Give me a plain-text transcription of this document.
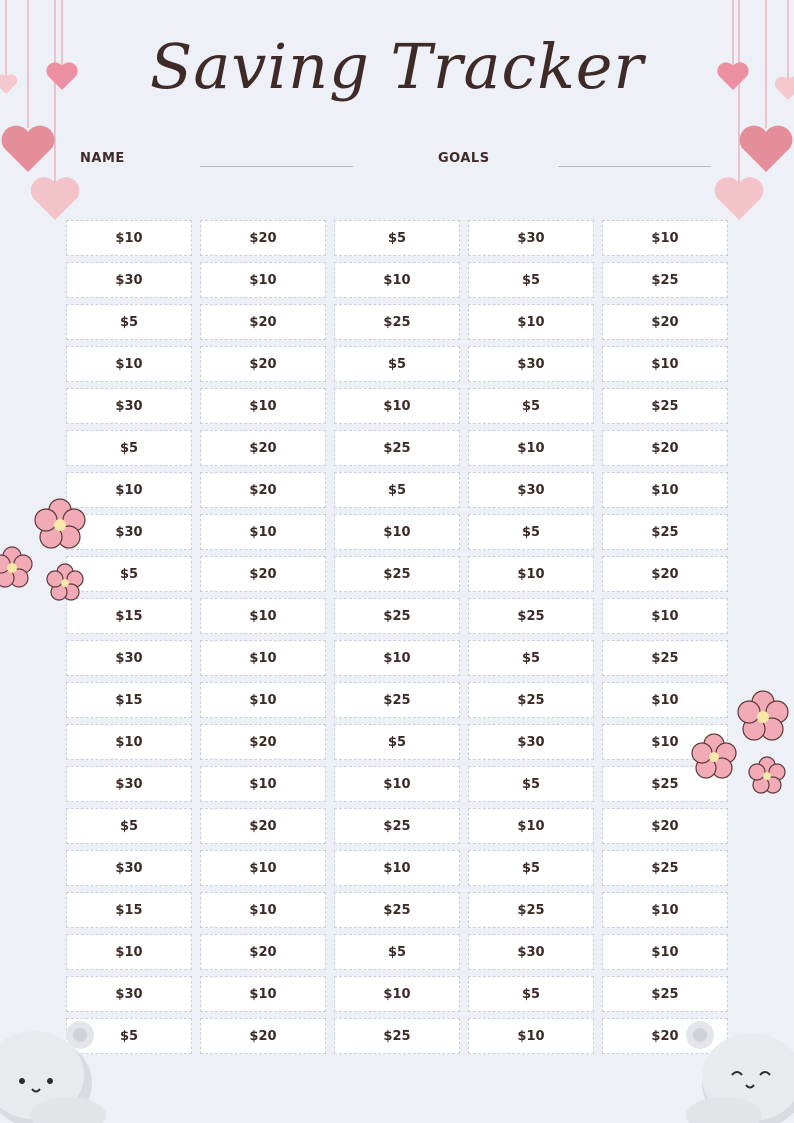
Saving Tracker
NAME	GOALS
$10	$20	$5	$30	$10
$30	$10	$10	$5	$25
$5	$20	$25	$10	$20
$10	$20	$5	$30	$10
$30	$10	$10	$5	$25
$5	$20	$25	$10	$20
$10	$20	$5	$30	$10
$30	$10	$10	$5	$25
$5	$20	$25	$10	$20
$15	$10	$25	$25	$10
$30	$10	$10	$5	$25
$15	$10	$25	$25	$10
$10	$20	$5	$30	$10
$30	$10	$10	$5	$25
$5	$20	$25	$10	$20
$30	$10	$10	$5	$25
$15	$10	$25	$25	$10
$10	$20	$5	$30	$10
$30	$10	$10	$5	$25
$5	$20	$25	$10	$20
